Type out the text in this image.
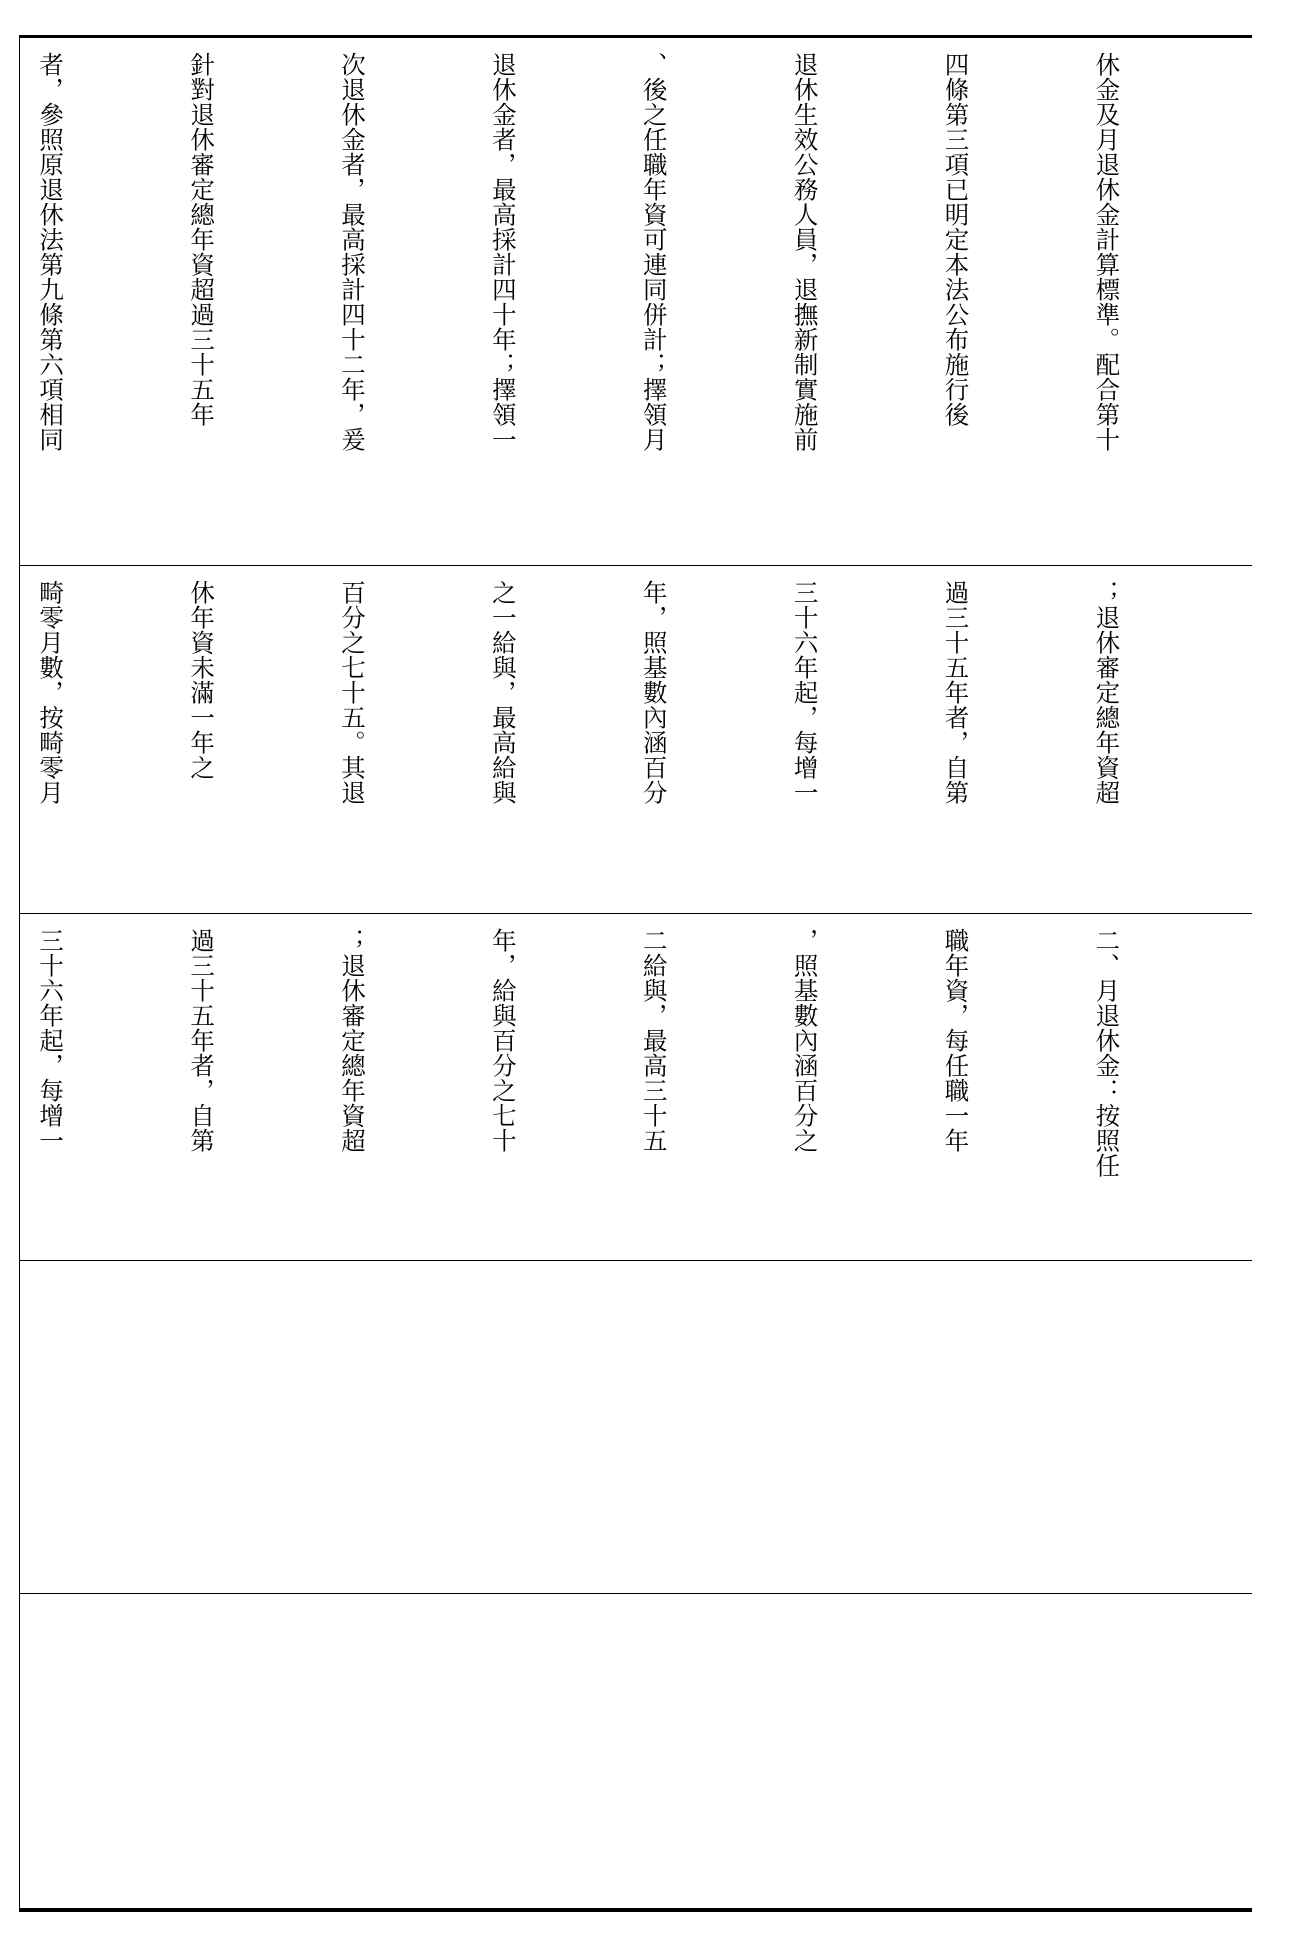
休金及月退休金計算標準。配合第十

四條第三項已明定本法公布施行後

退休生效公務人員，退撫新制實施前

、後之任職年資可連同併計；擇領月

退休金者，最高採計四十年；擇領一

次退休金者，最高採計四十二年，爰

針對退休審定總年資超過三十五年

者，參照原退休法第九條第六項相同

；退休審定總年資超

過三十五年者，自第

三十六年起，每增一

年，照基數內涵百分

之一給與，最高給與

百分之七十五。其退

休年資未滿一年之

畸零月數，按畸零月

二、月退休金：按照任

職年資，每任職一年

，照基數內涵百分之

二給與，最高三十五

年，給與百分之七十

；退休審定總年資超

過三十五年者，自第

三十六年起，每增一
